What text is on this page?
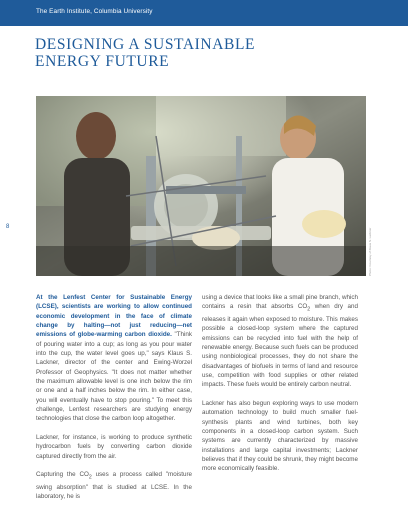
The Earth Institute, Columbia University
DESIGNING A SUSTAINABLE
ENERGY FUTURE
8
Photo: Courtesy of Klaus S. Lackner

At the Lenfest Center for Sustainable Energy (LCSE), scientists are working to allow continued economic development in the face of climate change by halting—not just reducing—net emissions of globe-warming carbon dioxide. "Think of pouring water into a cup; as long as you pour water into the cup, the water level goes up," says Klaus S. Lackner, director of the center and Ewing-Worzel Professor of Geophysics. "It does not matter whether the maximum allowable level is one inch below the rim or one and a half inches below the rim. In either case, you will eventually have to stop pouring." To meet this challenge, Lenfest researchers are studying energy technologies that close the carbon loop altogether.

Lackner, for instance, is working to produce synthetic hydrocarbon fuels by converting carbon dioxide captured directly from the air.

Capturing the $CO_2$ uses a process called "moisture swing absorption" that is studied at LCSE. In the laboratory, he is

using a device that looks like a small pine branch, which contains a resin that absorbs $CO_2$ when dry and releases it again when exposed to moisture. This makes possible a closed-loop system where the captured emissions can be recycled into fuel with the help of renewable energy. Because such fuels can be produced using nonbiological processes, they do not share the disadvantages of biofuels in terms of land and resource use, competition with food supplies or other related impacts. These fuels would be entirely carbon neutral.

Lackner has also begun exploring ways to use modern automation technology to build much smaller fuel-synthesis plants and wind turbines, both key components in a closed-loop carbon system. Such systems are currently characterized by massive installations and large capital investments; Lackner believes that if they could be shrunk, they might become more economically feasible.
